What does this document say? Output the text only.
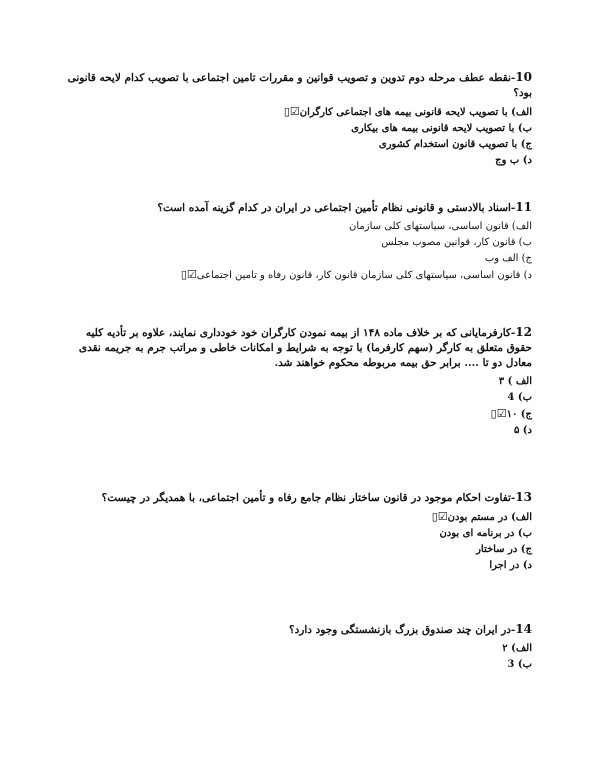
10-نقطه عطف مرحله دوم تدوین و تصویب قوانین و مقررات تامین اجتماعی با تصویب کدام لایحه قانونی بود؟

الف) با تصویب لایحه قانونی بیمه های اجتماعی کارگران☑▯
ب) با تصویب لایحه قانونی بیمه های بیکاری
ج) با تصویب قانون استخدام کشوری
د) ب وج

11-اسناد بالادستی و قانونی نظام تأمین اجتماعی در ایران در کدام گزینه آمده است؟

الف) قانون اساسی، سیاستهای کلی سازمان
ب) قانون کار، قوانین مصوب مجلس
ج) الف وب
د) قانون اساسی، سیاستهای کلی سازمان قانون کار، قانون رفاه و تامین اجتماعی☑▯

12-کارفرمایانی که بر خلاف ماده ۱۴۸ از بیمه نمودن کارگران خود خودداری نمایند، علاوه بر تأدیه کلیه حقوق متعلق به کارگر (سهم کارفرما) با توجه به شرایط و امکانات خاطی و مراتب جرم به جریمه نقدی معادل دو تا .... برابر حق بیمه مربوطه محکوم خواهند شد.

الف ) ۳
ب) 4
ج) ۱۰☑▯
د) ۵

13-تفاوت احکام موجود در قانون ساختار نظام جامع رفاه و تأمین اجتماعی، با همدیگر در چیست؟

الف) در مستم بودن☑▯
ب) در برنامه ای بودن
ج) در ساختار
د) در اجرا

14-در ایران چند صندوق بزرگ بازنشستگی وجود دارد؟

الف) ۲
ب) 3
